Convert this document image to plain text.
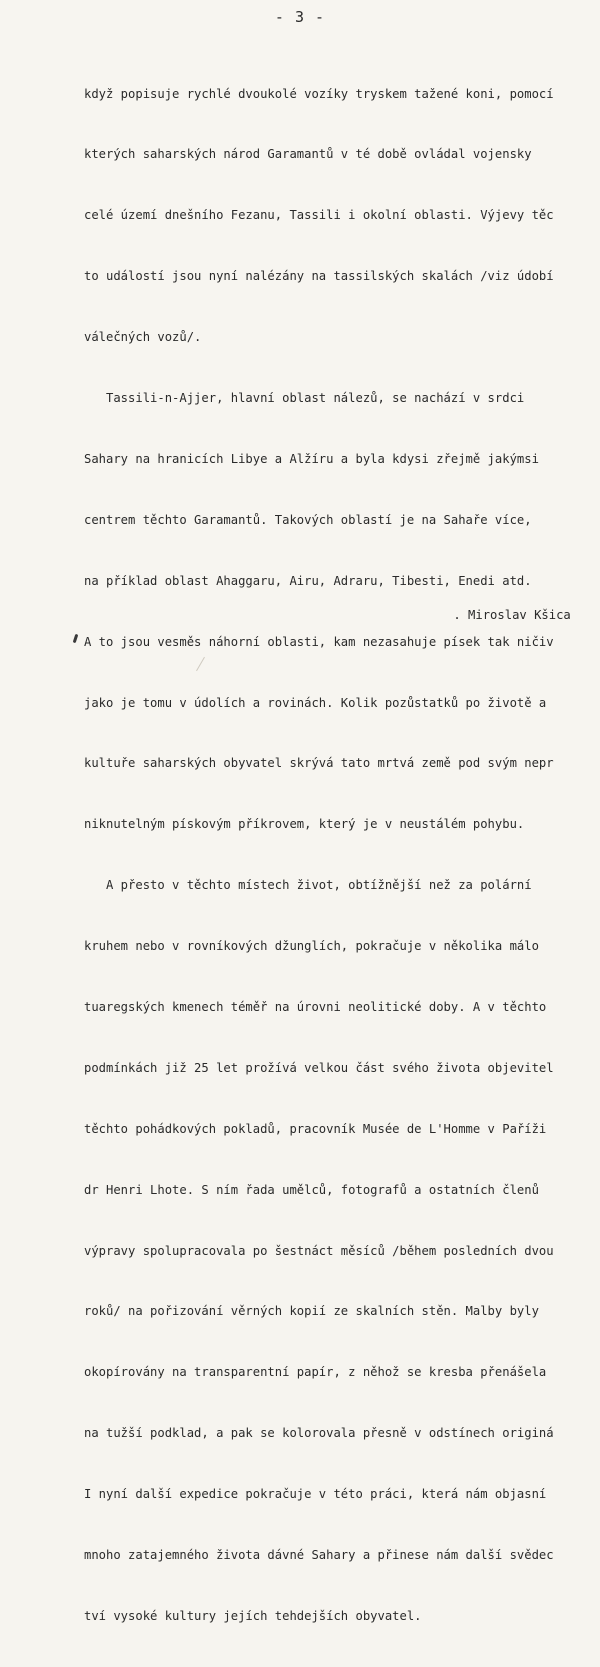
- 3 -

když popisuje rychlé dvoukolé vozíky tryskem tažené koni, pomocí

kterých saharských národ Garamantů v té době ovládal vojensky

celé území dnešního Fezanu, Tassili i okolní oblasti. Výjevy těc

to událostí jsou nyní nalézány na tassilských skalách /viz údobí

válečných vozů/.

Tassili-n-Ajjer, hlavní oblast nálezů, se nachází v srdci

Sahary na hranicích Libye a Alžíru a byla kdysi zřejmě jakýmsi

centrem těchto Garamantů. Takových oblastí je na Sahaře více,

na příklad oblast Ahaggaru, Airu, Adraru, Tibesti, Enedi atd.

A to jsou vesměs náhorní oblasti, kam nezasahuje písek tak ničiv

jako je tomu v údolích a rovinách. Kolik pozůstatků po životě a

kultuře saharských obyvatel skrývá tato mrtvá země pod svým nepr

niknutelným pískovým příkrovem, který je v neustálém pohybu.

A přesto v těchto místech život, obtížnější než za polární

kruhem nebo v rovníkových džunglích, pokračuje v několika málo

tuaregských kmenech téměř na úrovni neolitické doby. A v těchto

podmínkách již 25 let prožívá velkou část svého života objevitel

těchto pohádkových pokladů, pracovník Musée de L'Homme v Paříži

dr Henri Lhote. S ním řada umělců, fotografů a ostatních členů

výpravy spolupracovala po šestnáct měsíců /během posledních dvou

roků/ na pořizování věrných kopií ze skalních stěn. Malby byly

okopírovány na transparentní papír, z něhož se kresba přenášela

na tužší podklad, a pak se kolorovala přesně v odstínech originá

I nyní další expedice pokračuje v této práci, která nám objasní

mnoho zatajemného života dávné Sahary a přinese nám další svědec

tví vysoké kultury jejích tehdejších obyvatel.

. Miroslav Kšica
